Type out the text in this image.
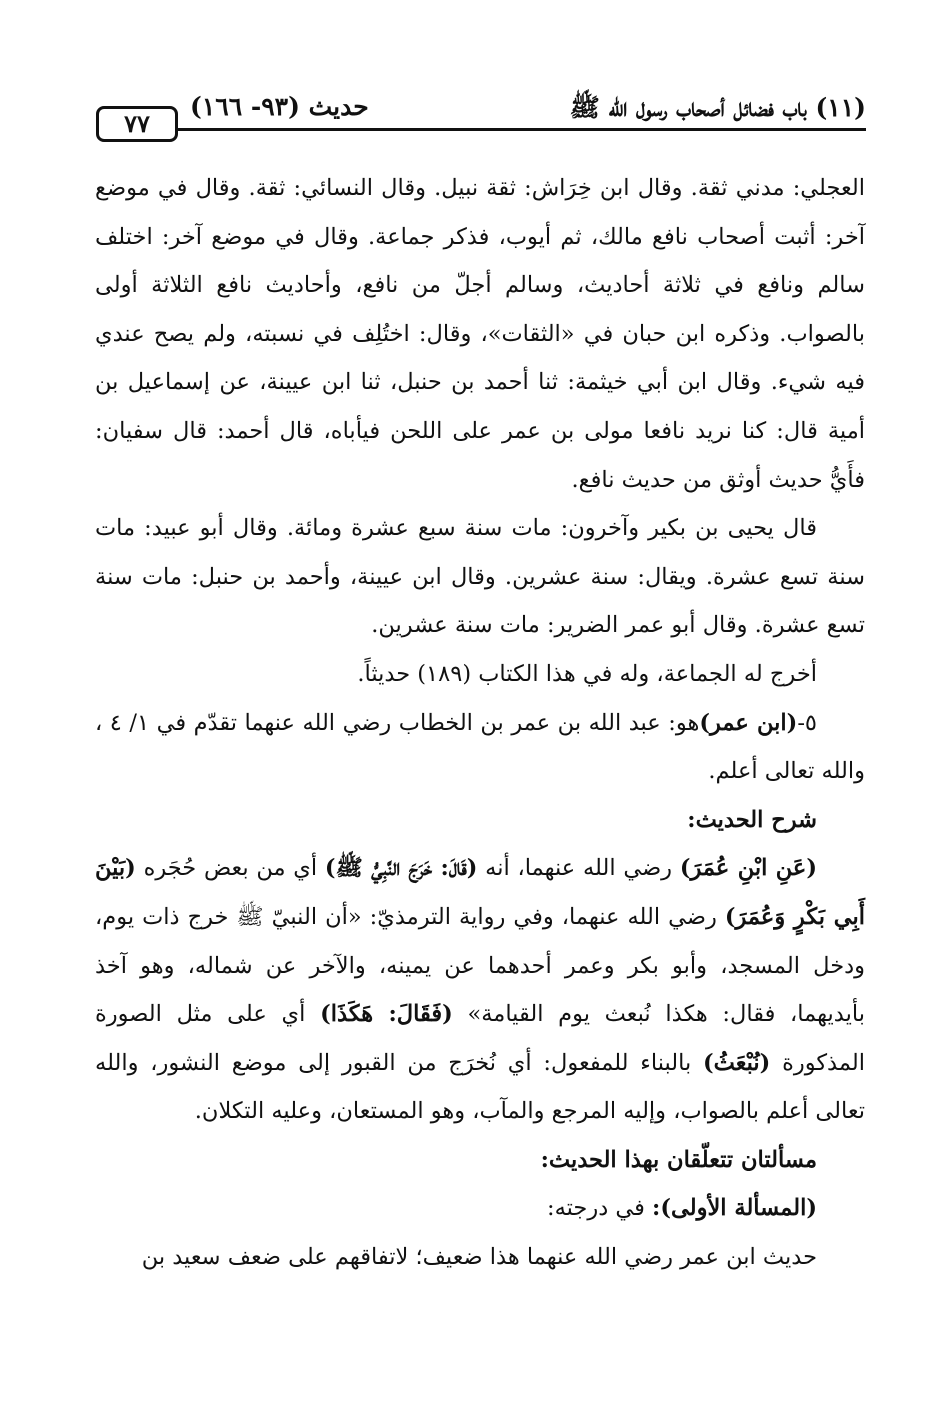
(١١) باب فضائل أصحاب رسول الله ﷺ
حديث (٩٣- ١٦٦)
٧٧

العجلي: مدني ثقة. وقال ابن خِرَاش: ثقة نبيل. وقال النسائي: ثقة. وقال في موضع آخر: أثبت أصحاب نافع مالك، ثم أيوب، فذكر جماعة. وقال في موضع آخر: اختلف سالم ونافع في ثلاثة أحاديث، وسالم أجلّ من نافع، وأحاديث نافع الثلاثة أولى بالصواب. وذكره ابن حبان في «الثقات»، وقال: اختُلِف في نسبته، ولم يصح عندي فيه شيء. وقال ابن أبي خيثمة: ثنا أحمد بن حنبل، ثنا ابن عيينة، عن إسماعيل بن أمية قال: كنا نريد نافعا مولى بن عمر على اللحن فيأباه، قال أحمد: قال سفيان: فأَيُّ حديث أوثق من حديث نافع.

قال يحيى بن بكير وآخرون: مات سنة سبع عشرة ومائة. وقال أبو عبيد: مات سنة تسع عشرة. ويقال: سنة عشرين. وقال ابن عيينة، وأحمد بن حنبل: مات سنة تسع عشرة. وقال أبو عمر الضرير: مات سنة عشرين.

أخرج له الجماعة، وله في هذا الكتاب (١٨٩) حديثاً.

٥-(ابن عمر)هو: عبد الله بن عمر بن الخطاب رضي الله عنهما تقدّم في ١/ ٤ ، والله تعالى أعلم.

شرح الحديث:

(عَنِ ابْنِ عُمَرَ) رضي الله عنهما، أنه (قَالَ: خَرَجَ النَّبِيُّ ﷺ) أي من بعض حُجَره (بَيْنَ أَبِي بَكْرٍ وَعُمَرَ) رضي الله عنهما، وفي رواية الترمذيّ: «أن النبيّ ﷺ خرج ذات يوم، ودخل المسجد، وأبو بكر وعمر أحدهما عن يمينه، والآخر عن شماله، وهو آخذ بأيديهما، فقال: هكذا نُبعث يوم القيامة» (فَقَالَ: هَكَذَا) أي على مثل الصورة المذكورة (نُبْعَثُ) بالبناء للمفعول: أي نُخرَج من القبور إلى موضع النشور، والله تعالى أعلم بالصواب، وإليه المرجع والمآب، وهو المستعان، وعليه التكلان.

مسألتان تتعلّقان بهذا الحديث:

(المسألة الأولى): في درجته:

حديث ابن عمر رضي الله عنهما هذا ضعيف؛ لاتفاقهم على ضعف سعيد بن
